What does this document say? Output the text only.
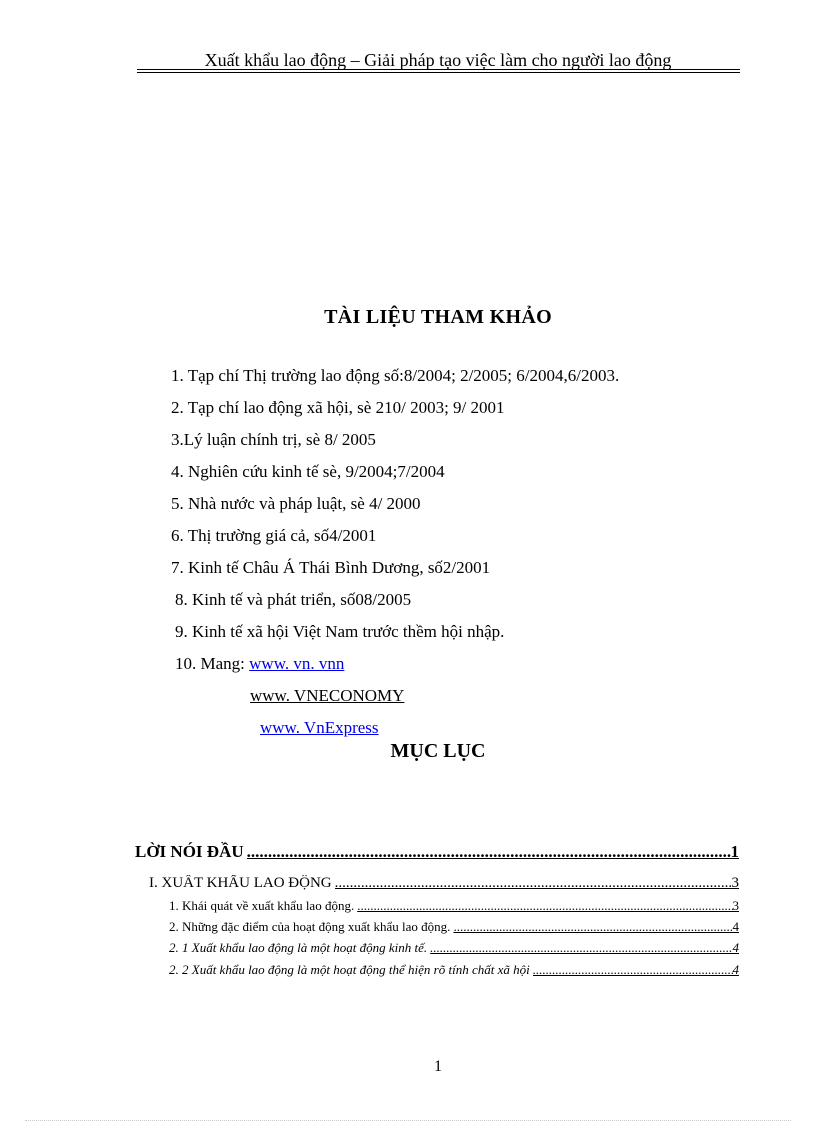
Xuất khẩu lao động – Giải pháp tạo việc làm cho người lao động
TÀI LIỆU THAM KHẢO
1. Tạp chí Thị trường lao động số:8/2004; 2/2005; 6/2004,6/2003.
2. Tạp chí lao động xã hội, sè 210/ 2003; 9/ 2001
3.Lý luận chính trị, sè 8/ 2005
4. Nghiên cứu kinh tế sè, 9/2004;7/2004
5. Nhà nước và pháp luật, sè 4/ 2000
6. Thị trường giá cả, số4/2001
7. Kinh tế Châu Á Thái Bình Dương, số2/2001
8. Kinh tế và phát triển, số08/2005
9. Kinh tế xã hội Việt Nam trước thềm hội nhập.
10. Mang: www. vn. vnn
www. VNECONOMY
www. VnExpress
MỤC LỤC
LỜI NÓI ĐẦU .....	1
I. XUẤT KHẨU LAO ĐỘNG .....	3
1. Khái quát về xuất khẩu lao động. .....	3
2. Những đặc điểm của hoạt động xuất khẩu lao động. .....	4
2. 1 Xuất khẩu lao động là một hoạt động kinh tế. .....	4
2. 2 Xuất khẩu lao động là một hoạt động thể hiện rõ tính chất xã hội .....	4
1
